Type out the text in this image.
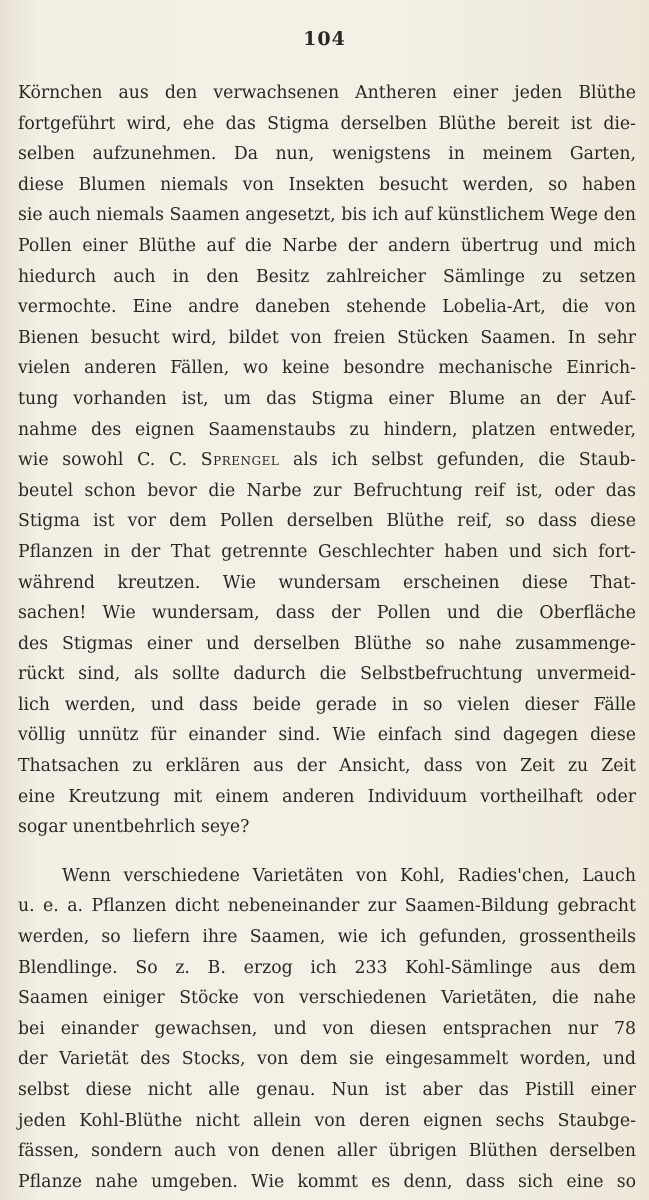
104
Körnchen aus den verwachsenen Antheren einer jeden Blüthe
fortgeführt wird, ehe das Stigma derselben Blüthe bereit ist die-
selben aufzunehmen. Da nun, wenigstens in meinem Garten,
diese Blumen niemals von Insekten besucht werden, so haben
sie auch niemals Saamen angesetzt, bis ich auf künstlichem Wege den
Pollen einer Blüthe auf die Narbe der andern übertrug und mich
hiedurch auch in den Besitz zahlreicher Sämlinge zu setzen
vermochte. Eine andre daneben stehende Lobelia-Art, die von
Bienen besucht wird, bildet von freien Stücken Saamen. In sehr
vielen anderen Fällen, wo keine besondre mechanische Einrich-
tung vorhanden ist, um das Stigma einer Blume an der Auf-
nahme des eignen Saamenstaubs zu hindern, platzen entweder,
wie sowohl C. C. Sprengel als ich selbst gefunden, die Staub-
beutel schon bevor die Narbe zur Befruchtung reif ist, oder das
Stigma ist vor dem Pollen derselben Blüthe reif, so dass diese
Pflanzen in der That getrennte Geschlechter haben und sich fort-
während kreutzen. Wie wundersam erscheinen diese That-
sachen! Wie wundersam, dass der Pollen und die Oberfläche
des Stigmas einer und derselben Blüthe so nahe zusammenge-
rückt sind, als sollte dadurch die Selbstbefruchtung unvermeid-
lich werden, und dass beide gerade in so vielen dieser Fälle
völlig unnütz für einander sind. Wie einfach sind dagegen diese
Thatsachen zu erklären aus der Ansicht, dass von Zeit zu Zeit
eine Kreutzung mit einem anderen Individuum vortheilhaft oder
sogar unentbehrlich seye?
Wenn verschiedene Varietäten von Kohl, Radies'chen, Lauch
u. e. a. Pflanzen dicht nebeneinander zur Saamen-Bildung gebracht
werden, so liefern ihre Saamen, wie ich gefunden, grossentheils
Blendlinge. So z. B. erzog ich 233 Kohl-Sämlinge aus dem
Saamen einiger Stöcke von verschiedenen Varietäten, die nahe
bei einander gewachsen, und von diesen entsprachen nur 78
der Varietät des Stocks, von dem sie eingesammelt worden, und
selbst diese nicht alle genau. Nun ist aber das Pistill einer
jeden Kohl-Blüthe nicht allein von deren eignen sechs Staubge-
fässen, sondern auch von denen aller übrigen Blüthen derselben
Pflanze nahe umgeben. Wie kommt es denn, dass sich eine so
